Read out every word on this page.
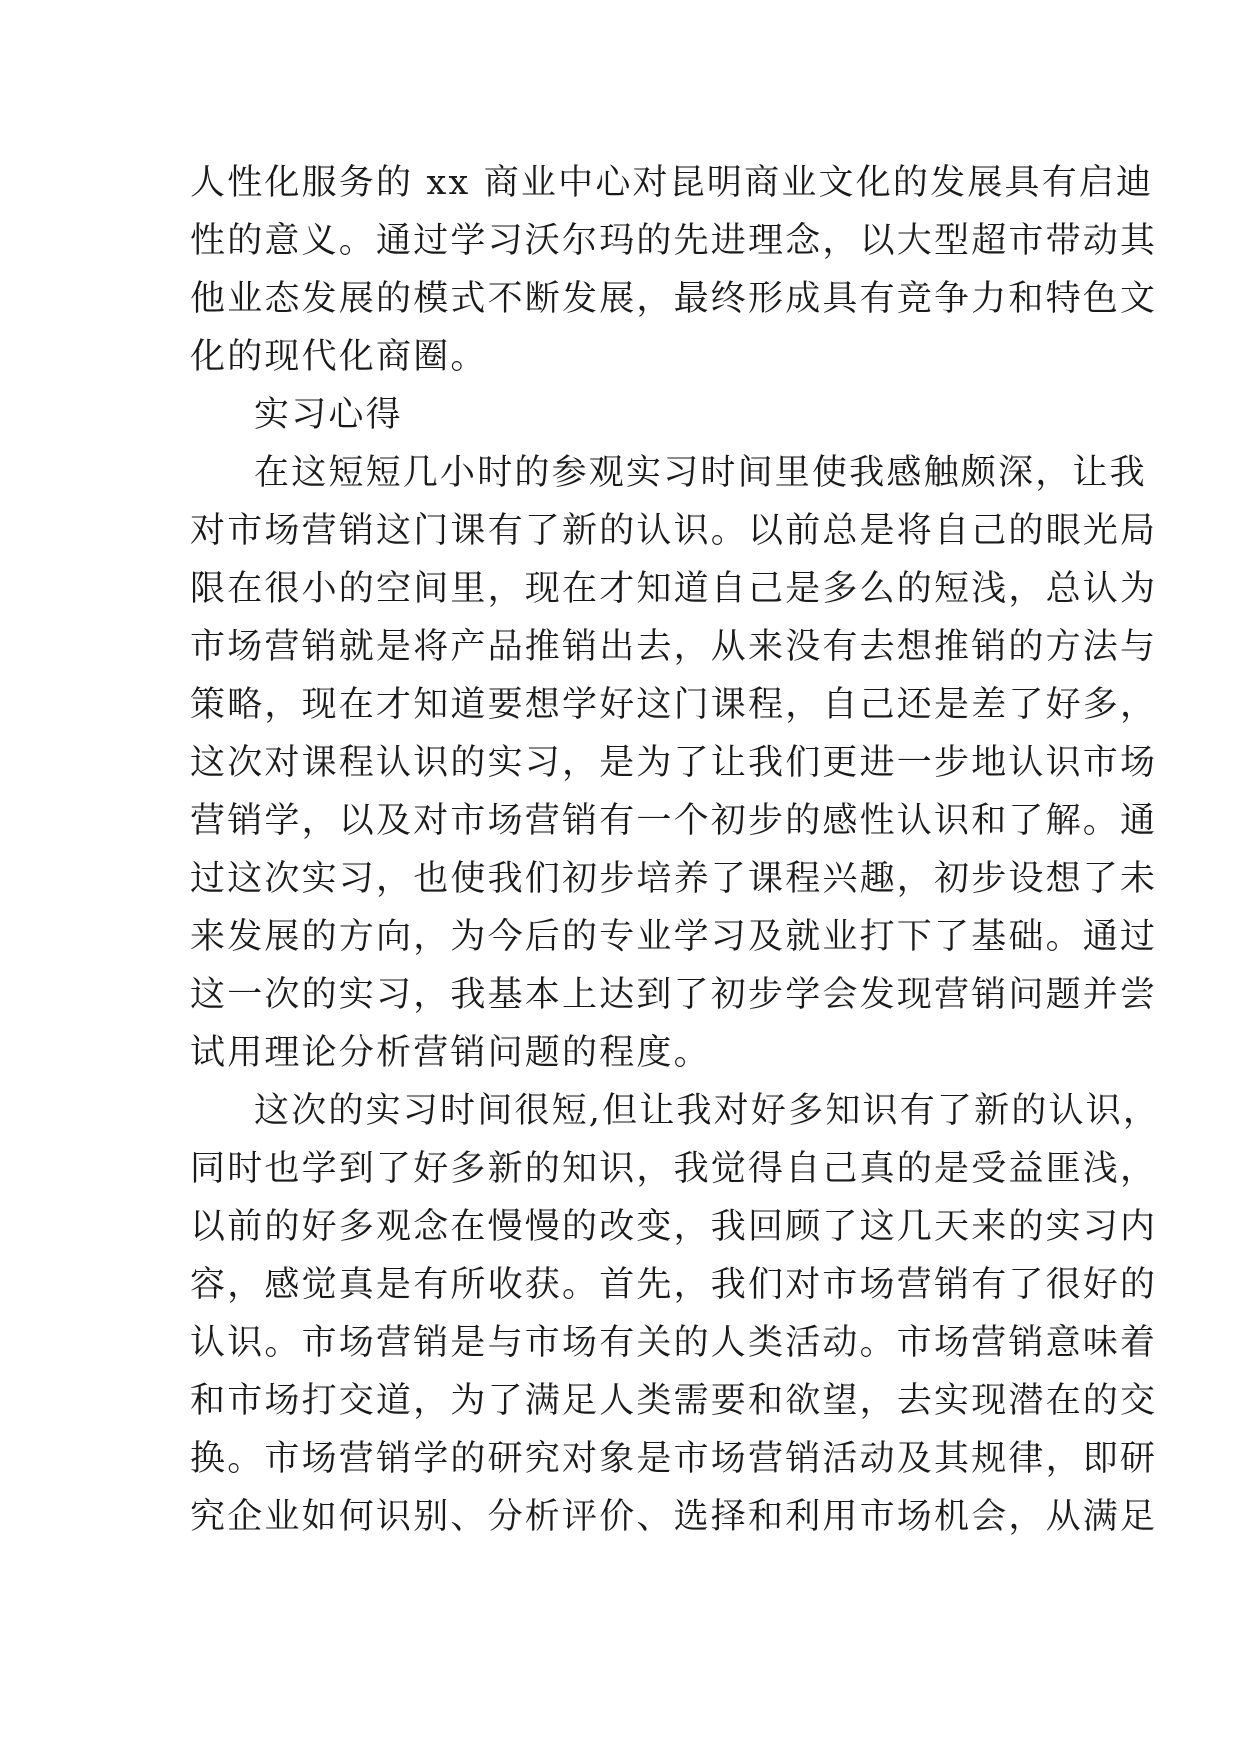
人性化服务的 xx 商业中心对昆明商业文化的发展具有启迪
性的意义。通过学习沃尔玛的先进理念，以大型超市带动其
他业态发展的模式不断发展，最终形成具有竞争力和特色文
化的现代化商圈。
实习心得
在这短短几小时的参观实习时间里使我感触颇深，让我
对市场营销这门课有了新的认识。以前总是将自己的眼光局
限在很小的空间里，现在才知道自己是多么的短浅，总认为
市场营销就是将产品推销出去，从来没有去想推销的方法与
策略，现在才知道要想学好这门课程，自己还是差了好多，
这次对课程认识的实习，是为了让我们更进一步地认识市场
营销学，以及对市场营销有一个初步的感性认识和了解。通
过这次实习，也使我们初步培养了课程兴趣，初步设想了未
来发展的方向，为今后的专业学习及就业打下了基础。通过
这一次的实习，我基本上达到了初步学会发现营销问题并尝
试用理论分析营销问题的程度。
这次的实习时间很短,但让我对好多知识有了新的认识，
同时也学到了好多新的知识，我觉得自己真的是受益匪浅，
以前的好多观念在慢慢的改变，我回顾了这几天来的实习内
容，感觉真是有所收获。首先，我们对市场营销有了很好的
认识。市场营销是与市场有关的人类活动。市场营销意味着
和市场打交道，为了满足人类需要和欲望，去实现潜在的交
换。市场营销学的研究对象是市场营销活动及其规律，即研
究企业如何识别、分析评价、选择和利用市场机会，从满足
